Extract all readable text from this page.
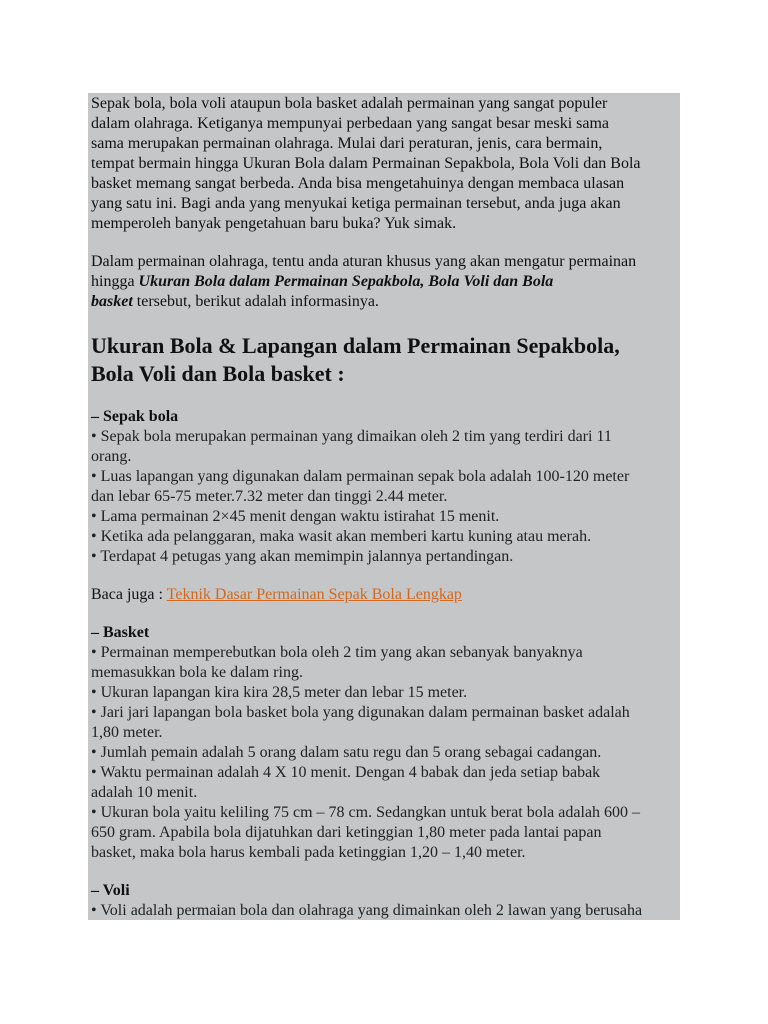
Sepak bola, bola voli ataupun bola basket adalah permainan yang sangat populer

dalam olahraga. Ketiganya mempunyai perbedaan yang sangat besar meski sama

sama merupakan permainan olahraga. Mulai dari peraturan, jenis, cara bermain,

tempat bermain hingga Ukuran Bola dalam Permainan Sepakbola, Bola Voli dan Bola

basket memang sangat berbeda. Anda bisa mengetahuinya dengan membaca ulasan

yang satu ini. Bagi anda yang menyukai ketiga permainan tersebut, anda juga akan

memperoleh banyak pengetahuan baru buka? Yuk simak.

Dalam permainan olahraga, tentu anda aturan khusus yang akan mengatur permainan

hingga Ukuran Bola dalam Permainan Sepakbola, Bola Voli dan Bola

basket tersebut, berikut adalah informasinya.

Ukuran Bola & Lapangan dalam Permainan Sepakbola,

Bola Voli dan Bola basket :

– Sepak bola

• Sepak bola merupakan permainan yang dimaikan oleh 2 tim yang terdiri dari 11

orang.

• Luas lapangan yang digunakan dalam permainan sepak bola adalah 100-120 meter

dan lebar 65-75 meter.7.32 meter dan tinggi 2.44 meter.

• Lama permainan 2×45 menit dengan waktu istirahat 15 menit.

• Ketika ada pelanggaran, maka wasit akan memberi kartu kuning atau merah.

• Terdapat 4 petugas yang akan memimpin jalannya pertandingan.

Baca juga : Teknik Dasar Permainan Sepak Bola Lengkap

– Basket

• Permainan memperebutkan bola oleh 2 tim yang akan sebanyak banyaknya

memasukkan bola ke dalam ring.

• Ukuran lapangan kira kira 28,5 meter dan lebar 15 meter.

• Jari jari lapangan bola basket bola yang digunakan dalam permainan basket adalah

1,80 meter.

• Jumlah pemain adalah 5 orang dalam satu regu dan 5 orang sebagai cadangan.

• Waktu permainan adalah 4 X 10 menit. Dengan 4 babak dan jeda setiap babak

adalah 10 menit.

• Ukuran bola yaitu keliling 75 cm – 78 cm. Sedangkan untuk berat bola adalah 600 –

650 gram. Apabila bola dijatuhkan dari ketinggian 1,80 meter pada lantai papan

basket, maka bola harus kembali pada ketinggian 1,20 – 1,40 meter.

– Voli

• Voli adalah permaian bola dan olahraga yang dimainkan oleh 2 lawan yang berusaha
